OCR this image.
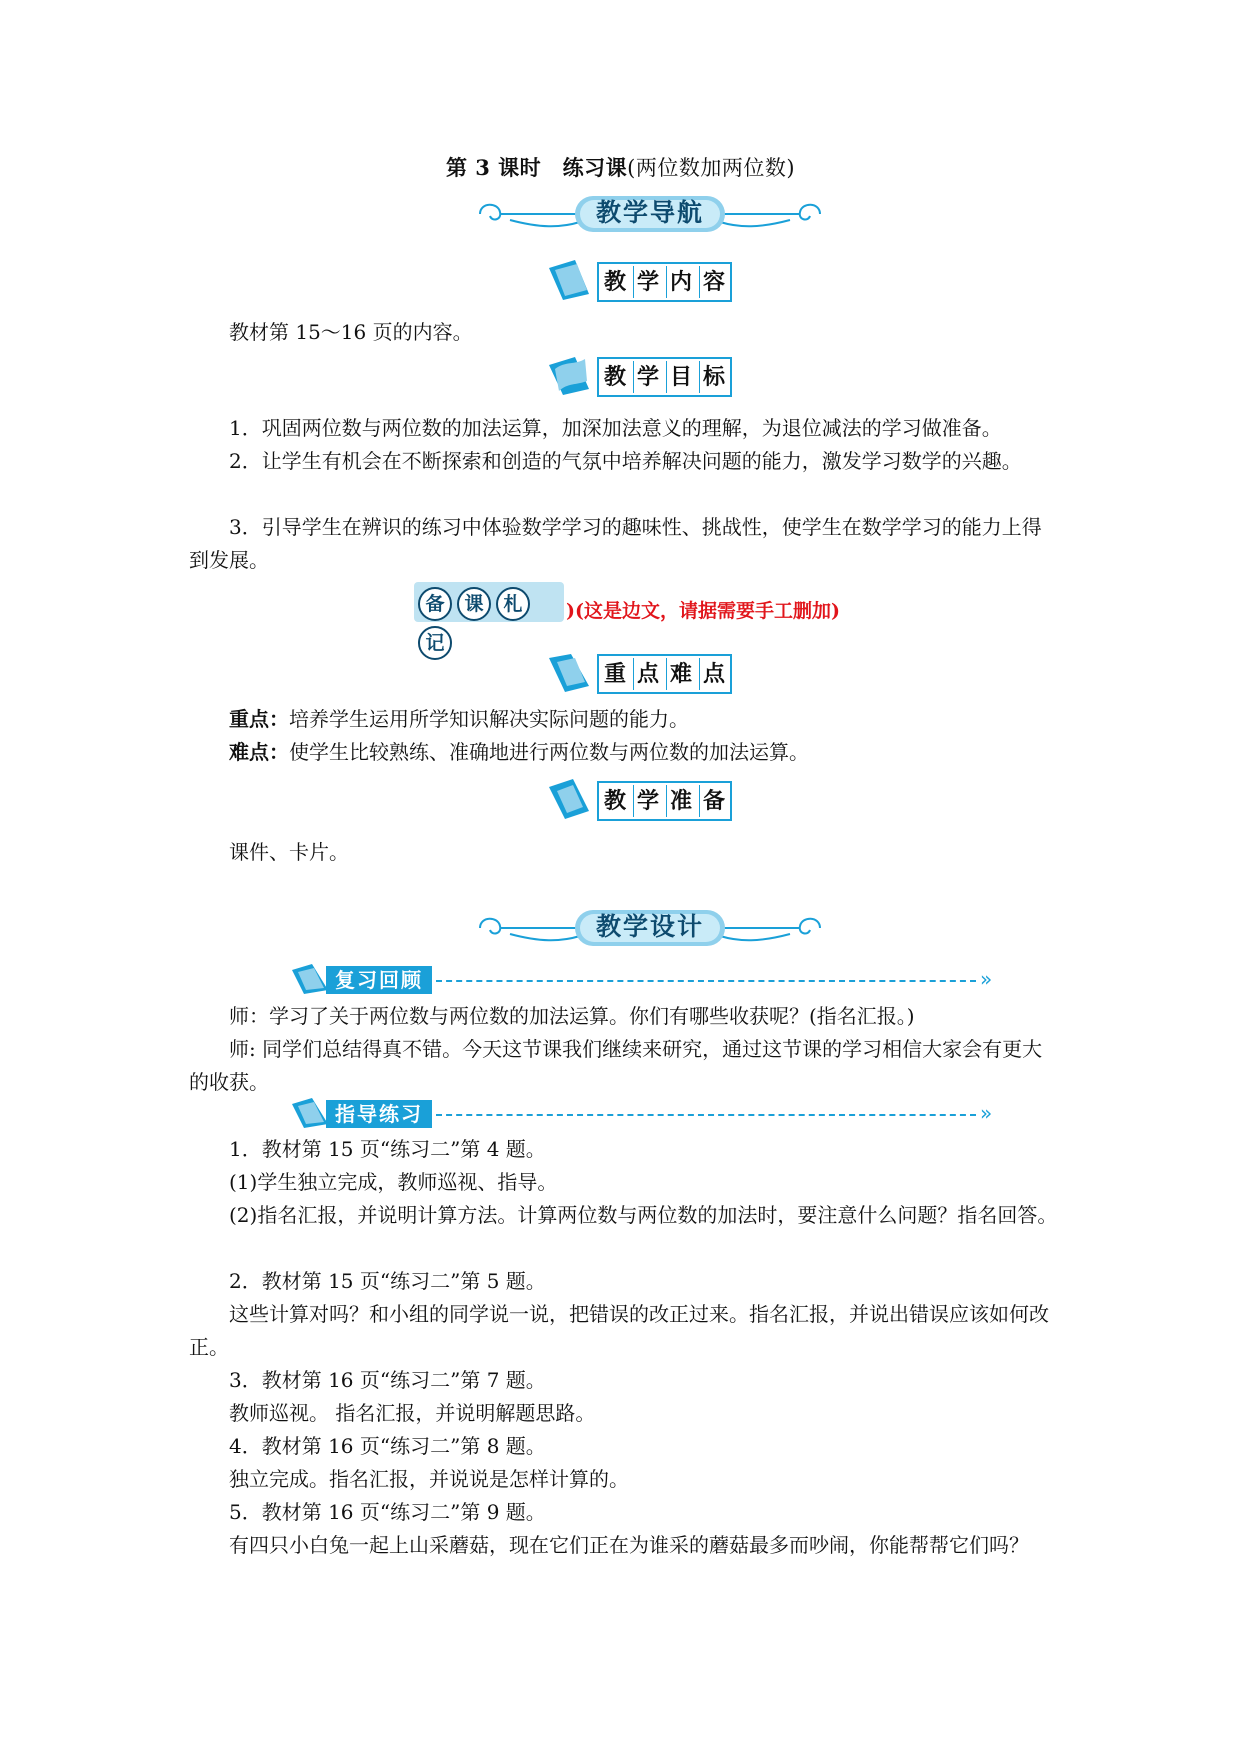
第 3 课时　练习课(两位数加两位数)
教学导航
教 学 内 容
教材第 15～16 页的内容。
教 学 目 标
1．巩固两位数与两位数的加法运算，加深加法意义的理解，为退位减法的学习做准备。
2．让学生有机会在不断探索和创造的气氛中培养解决问题的能力，激发学习数学的兴趣。
3．引导学生在辨识的练习中体验数学学习的趣味性、挑战性，使学生在数学学习的能力上得到发展。
备 课 札记
)(这是边文，请据需要手工删加)
重 点 难 点
重点：培养学生运用所学知识解决实际问题的能力。
难点：使学生比较熟练、准确地进行两位数与两位数的加法运算。
教 学 准 备
课件、卡片。
教学设计
复习回顾	»
师：学习了关于两位数与两位数的加法运算。你们有哪些收获呢？(指名汇报。)
师: 同学们总结得真不错。今天这节课我们继续来研究，通过这节课的学习相信大家会有更大的收获。
指导练习	»
1．教材第 15 页“练习二”第 4 题。
(1)学生独立完成，教师巡视、指导。
(2)指名汇报，并说明计算方法。计算两位数与两位数的加法时，要注意什么问题？指名回答。
2．教材第 15 页“练习二”第 5 题。
这些计算对吗？和小组的同学说一说，把错误的改正过来。指名汇报，并说出错误应该如何改正。
3．教材第 16 页“练习二”第 7 题。
教师巡视。 指名汇报，并说明解题思路。
4．教材第 16 页“练习二”第 8 题。
独立完成。指名汇报，并说说是怎样计算的。
5．教材第 16 页“练习二”第 9 题。
有四只小白兔一起上山采蘑菇，现在它们正在为谁采的蘑菇最多而吵闹，你能帮帮它们吗？
